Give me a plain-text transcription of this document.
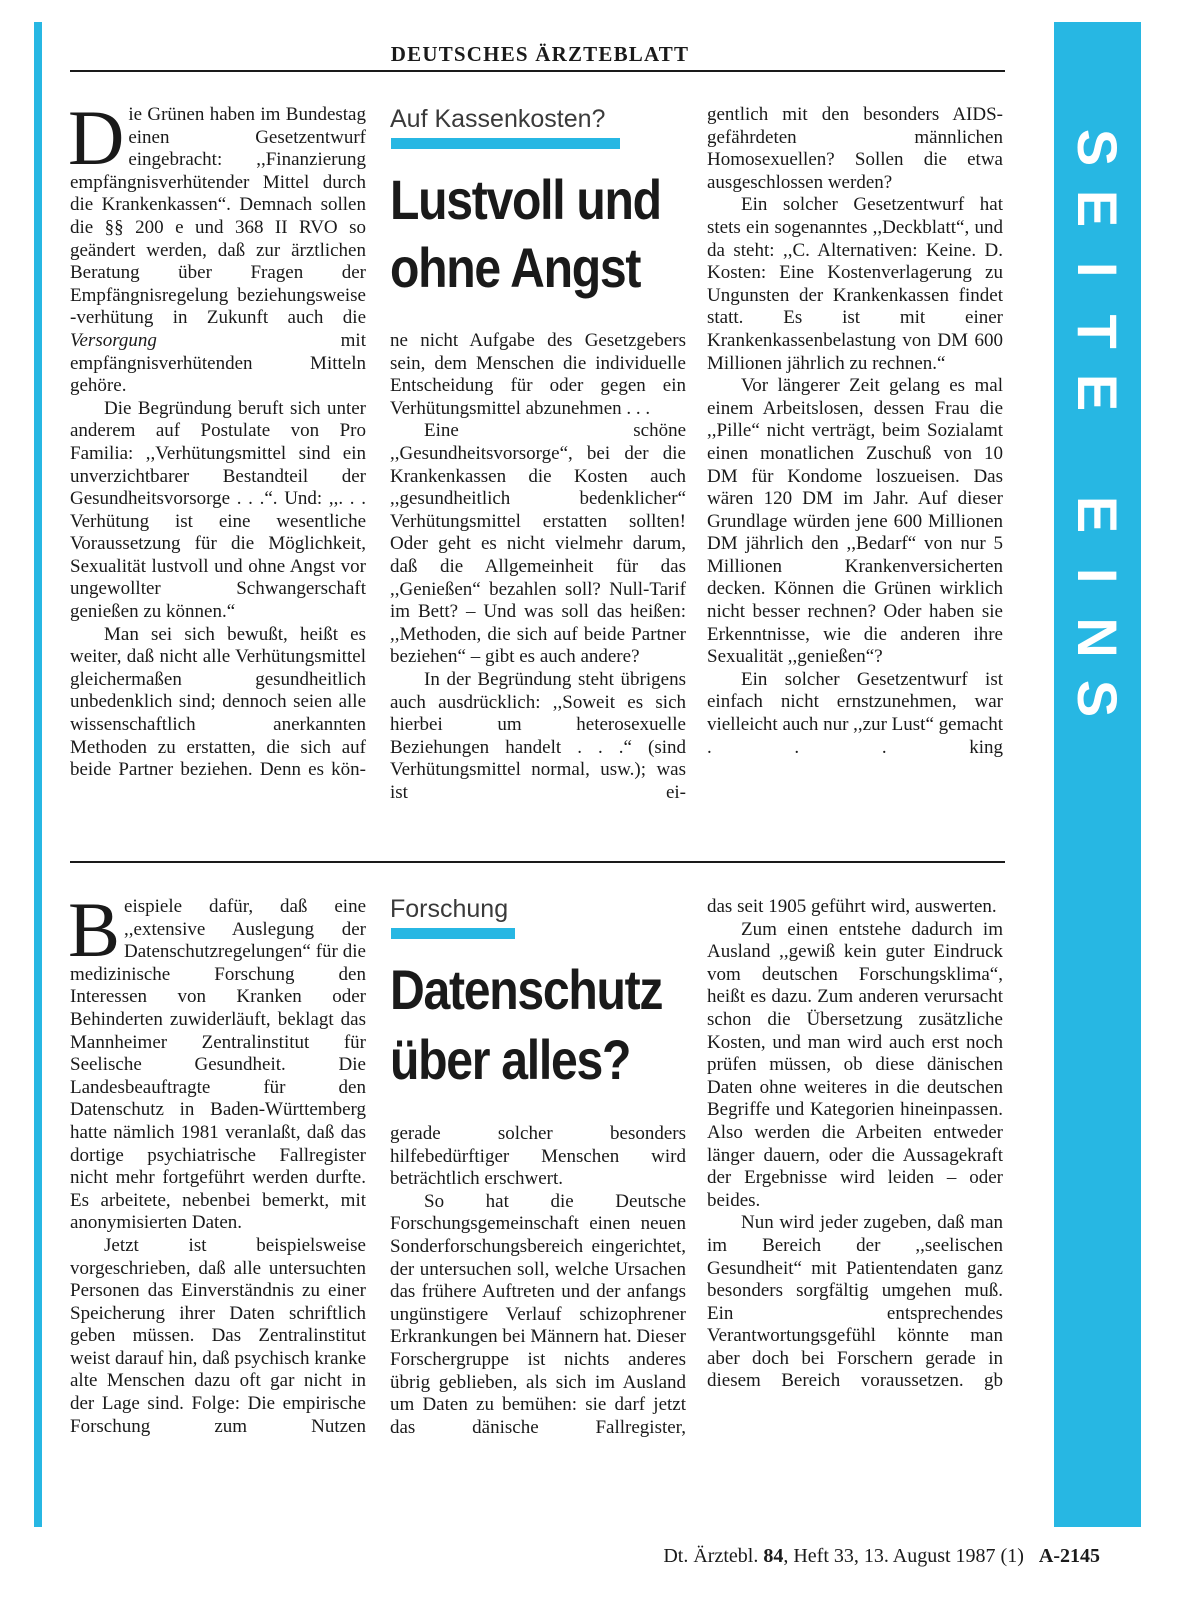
S
E
I
T
E
E
I
N
S
DEUTSCHES ÄRZTEBLATT

Die Grünen haben im Bundestag einen Gesetzentwurf eingebracht: ,,Finanzierung empfängnisverhütender Mittel durch die Krankenkassen“. Demnach sollen die §§ 200 e und 368 II RVO so geändert werden, daß zur ärztlichen Beratung über Fragen der Empfängnisregelung beziehungsweise -verhütung in Zukunft auch die Versorgung	mit empfängnisverhütenden Mitteln gehöre.

Die Begründung beruft sich unter anderem auf Postulate von Pro Familia: ,,Verhütungsmittel sind ein unverzichtbarer Bestandteil der Gesundheitsvorsorge . . .“. Und: ,,. . . Verhütung ist eine wesentliche Voraussetzung für die Möglichkeit, Sexualität lustvoll und ohne Angst vor ungewollter Schwangerschaft genießen zu können.“

Man sei sich bewußt, heißt es weiter, daß nicht alle Verhütungsmittel gleichermaßen gesundheitlich unbedenklich sind; dennoch seien alle wissenschaftlich anerkannten Methoden zu erstatten, die sich auf beide Partner beziehen. Denn es kön-

Auf Kassenkosten?
Lustvoll und
ohne Angst

ne nicht Aufgabe des Gesetzgebers sein, dem Menschen die individuelle Entscheidung für oder gegen ein Verhütungsmittel abzunehmen . . .

Eine schöne ,,Gesundheitsvorsorge“, bei der die Krankenkassen die Kosten auch ,,gesundheitlich bedenklicher“ Verhütungsmittel erstatten sollten! Oder geht es nicht vielmehr darum, daß die Allgemeinheit für das ,,Genießen“ bezahlen soll? Null-Tarif im Bett? – Und was soll das heißen: ,,Methoden, die sich auf beide Partner beziehen“ – gibt es auch andere?

In der Begründung steht übrigens auch ausdrücklich: ,,Soweit es sich hierbei um heterosexuelle Beziehungen handelt . . .“ (sind Verhütungsmittel normal, usw.); was ist ei-

gentlich mit den besonders AIDS-gefährdeten männlichen Homosexuellen? Sollen die etwa ausgeschlossen werden?

Ein solcher Gesetzentwurf hat stets ein sogenanntes ,,Deckblatt“, und da steht: ,,C. Alternativen: Keine. D. Kosten: Eine Kostenverlagerung zu Ungunsten der Krankenkassen findet statt. Es ist mit einer Krankenkassenbelastung von DM 600 Millionen jährlich zu rechnen.“

Vor längerer Zeit gelang es mal einem Arbeitslosen, dessen Frau die ,,Pille“ nicht verträgt, beim Sozialamt einen monatlichen Zuschuß von 10 DM für Kondome loszueisen. Das wären 120 DM im Jahr. Auf dieser Grundlage würden jene 600 Millionen DM jährlich den ,,Bedarf“ von nur 5 Millionen Krankenversicherten decken. Können die Grünen wirklich nicht besser rechnen? Oder haben sie Erkenntnisse, wie die anderen ihre Sexualität ,,genießen“?

Ein solcher Gesetzentwurf ist einfach nicht ernstzunehmen, war vielleicht auch nur ,,zur Lust“ gemacht . . . king

Beispiele dafür, daß eine ,,extensive Auslegung der Datenschutzregelungen“ für die medizinische Forschung den Interessen von Kranken oder Behinderten zuwiderläuft, beklagt das Mannheimer Zentralinstitut für Seelische Gesundheit. Die Landesbeauftragte für den Datenschutz in Baden-Württemberg hatte nämlich 1981 veranlaßt, daß das dortige psychiatrische Fallregister nicht mehr fortgeführt werden durfte. Es arbeitete, nebenbei bemerkt, mit anonymisierten Daten.

Jetzt ist beispielsweise vorgeschrieben, daß alle untersuchten Personen das Einverständnis zu einer Speicherung ihrer Daten schriftlich geben müssen. Das Zentralinstitut weist darauf hin, daß psychisch kranke alte Menschen dazu oft gar nicht in der Lage sind. Folge: Die empirische Forschung zum Nutzen

Forschung
Datenschutz
über alles?

gerade solcher besonders hilfebedürftiger Menschen wird beträchtlich erschwert.

So hat die Deutsche Forschungsgemeinschaft einen neuen Sonderforschungsbereich eingerichtet, der untersuchen soll, welche Ursachen das frühere Auftreten und der anfangs ungünstigere Verlauf schizophrener Erkrankungen bei Männern hat. Dieser Forschergruppe ist nichts anderes übrig geblieben, als sich im Ausland um Daten zu bemühen: sie darf jetzt das dänische Fallregister,

das seit 1905 geführt wird, auswerten.

Zum einen entstehe dadurch im Ausland ,,gewiß kein guter Eindruck vom deutschen Forschungsklima“, heißt es dazu. Zum anderen verursacht schon die Übersetzung zusätzliche Kosten, und man wird auch erst noch prüfen müssen, ob diese dänischen Daten ohne weiteres in die deutschen Begriffe und Kategorien hineinpassen. Also werden die Arbeiten entweder länger dauern, oder die Aussagekraft der Ergebnisse wird leiden – oder beides.

Nun wird jeder zugeben, daß man im Bereich der ,,seelischen Gesundheit“ mit Patientendaten ganz besonders sorgfältig umgehen muß. Ein entsprechendes Verantwortungsgefühl könnte man aber doch bei Forschern gerade in diesem Bereich voraussetzen. gb

Dt. Ärztebl. 84, Heft 33, 13. August 1987 (1) A-2145
